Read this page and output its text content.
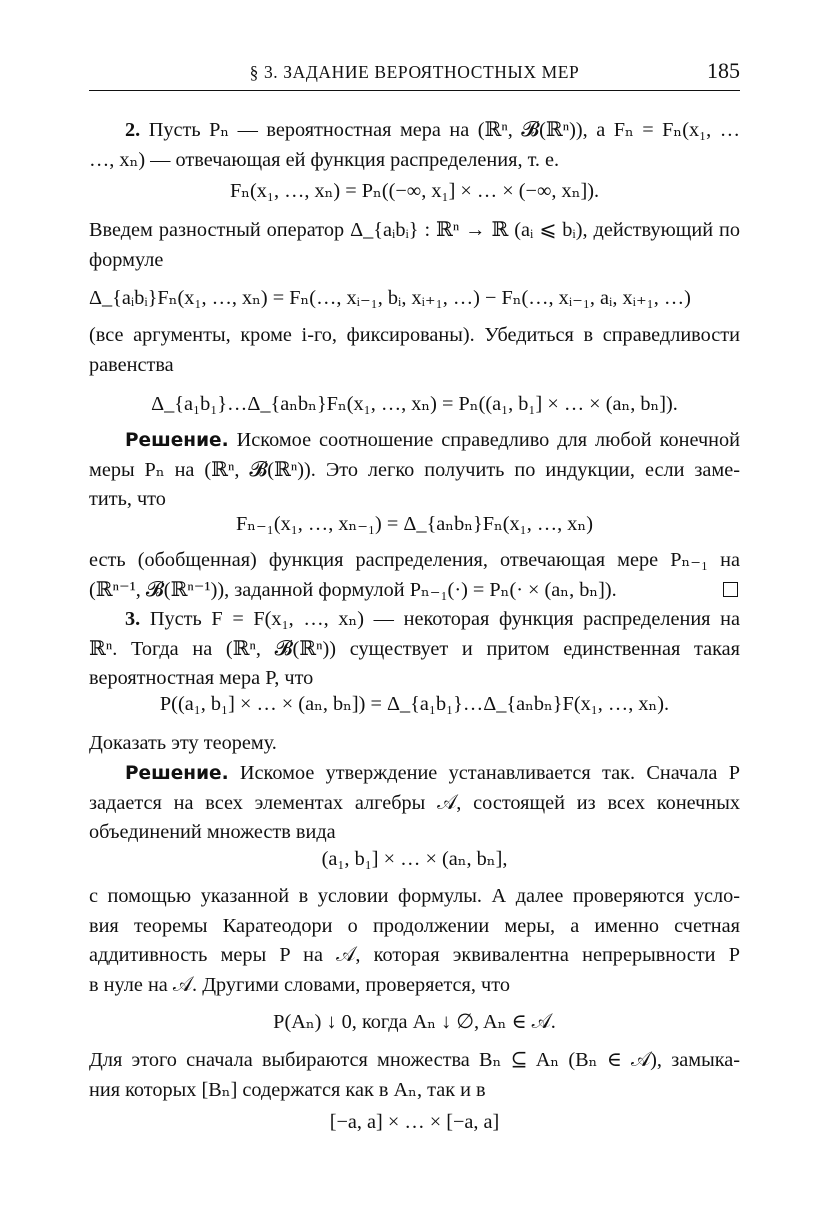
§ 3. ЗАДАНИЕ ВЕРОЯТНОСТНЫХ МЕР	185
2. Пусть Pₙ — вероятностная мера на (ℝⁿ, 𝓑(ℝⁿ)), а Fₙ = Fₙ(x₁, …
…, xₙ) — отвечающая ей функция распределения, т. е.
Fₙ(x₁, …, xₙ) = Pₙ((−∞, x₁] × … × (−∞, xₙ]).
Введем разностный оператор Δ_{aᵢbᵢ} : ℝⁿ → ℝ (aᵢ ⩽ bᵢ), действующий по
формуле
Δ_{aᵢbᵢ}Fₙ(x₁, …, xₙ) = Fₙ(…, xᵢ₋₁, bᵢ, xᵢ₊₁, …) − Fₙ(…, xᵢ₋₁, aᵢ, xᵢ₊₁, …)
(все аргументы, кроме i-го, фиксированы). Убедиться в справедливости
равенства
Δ_{a₁b₁}…Δ_{aₙbₙ}Fₙ(x₁, …, xₙ) = Pₙ((a₁, b₁] × … × (aₙ, bₙ]).
Решение. Искомое соотношение справедливо для любой конечной
меры Pₙ на (ℝⁿ, 𝓑(ℝⁿ)). Это легко получить по индукции, если заме-
тить, что
Fₙ₋₁(x₁, …, xₙ₋₁) = Δ_{aₙbₙ}Fₙ(x₁, …, xₙ)
есть (обобщенная) функция распределения, отвечающая мере Pₙ₋₁ на
(ℝⁿ⁻¹, 𝓑(ℝⁿ⁻¹)), заданной формулой Pₙ₋₁(·) = Pₙ(· × (aₙ, bₙ]).
3. Пусть F = F(x₁, …, xₙ) — некоторая функция распределения на
ℝⁿ. Тогда на (ℝⁿ, 𝓑(ℝⁿ)) существует и притом единственная такая
вероятностная мера P, что
P((a₁, b₁] × … × (aₙ, bₙ]) = Δ_{a₁b₁}…Δ_{aₙbₙ}F(x₁, …, xₙ).
Доказать эту теорему.
Решение. Искомое утверждение устанавливается так. Сначала P
задается на всех элементах алгебры 𝒜, состоящей из всех конечных
объединений множеств вида
(a₁, b₁] × … × (aₙ, bₙ],
с помощью указанной в условии формулы. А далее проверяются усло-
вия теоремы Каратеодори о продолжении меры, а именно счетная
аддитивность меры P на 𝒜, которая эквивалентна непрерывности P
в нуле на 𝒜. Другими словами, проверяется, что
P(Aₙ) ↓ 0, когда Aₙ ↓ ∅, Aₙ ∈ 𝒜.
Для этого сначала выбираются множества Bₙ ⊆ Aₙ (Bₙ ∈ 𝒜), замыка-
ния которых [Bₙ] содержатся как в Aₙ, так и в
[−a, a] × … × [−a, a]
